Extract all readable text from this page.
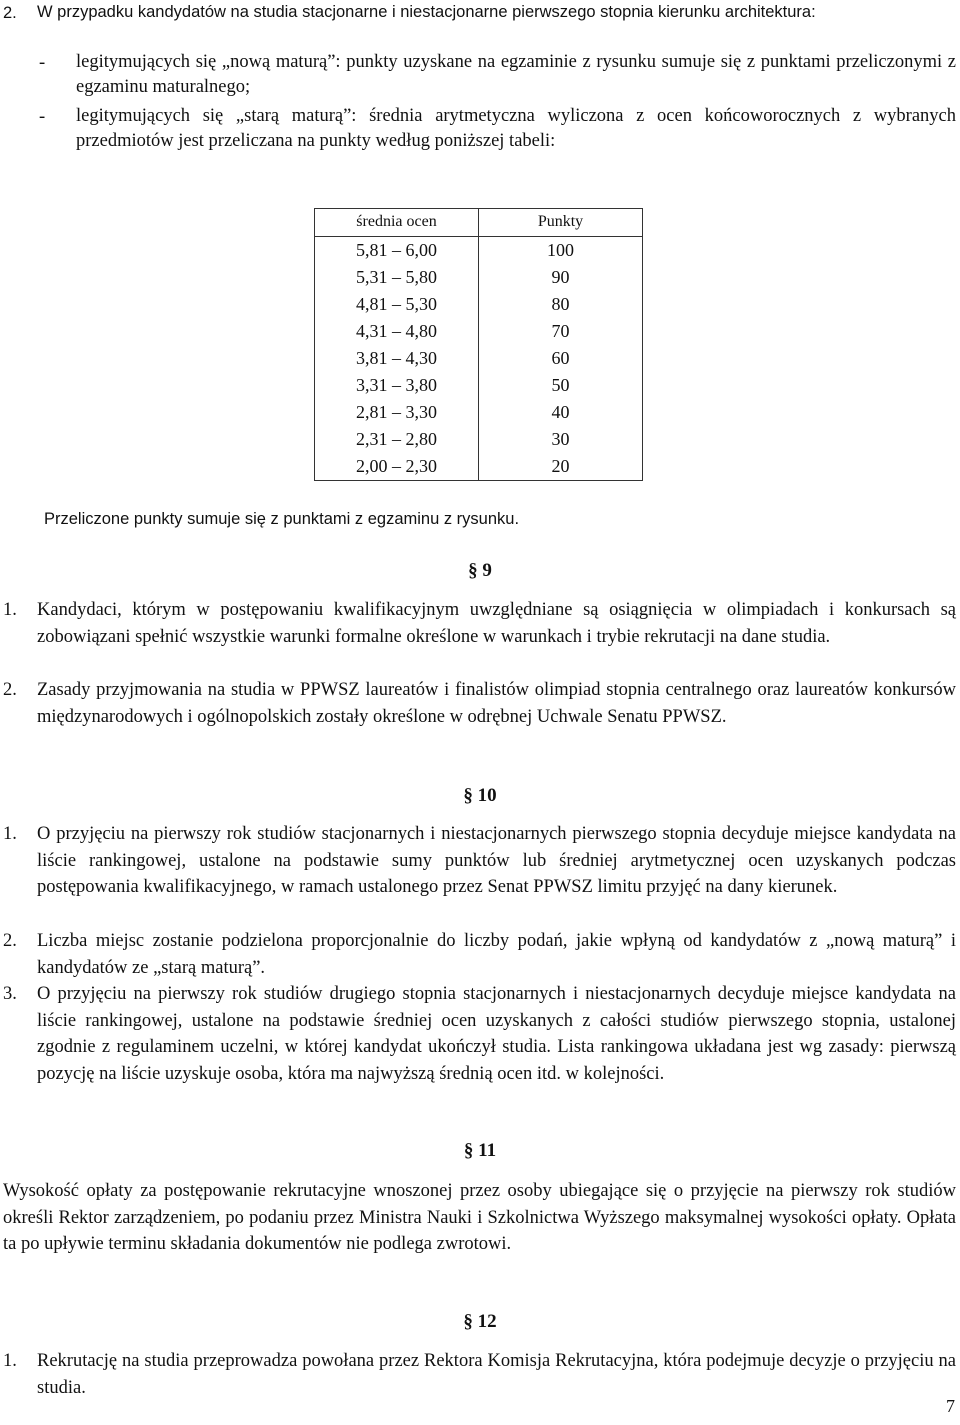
2. W przypadku kandydatów na studia stacjonarne i niestacjonarne pierwszego stopnia kierunku architektura:

- legitymujących się „nową maturą”: punkty uzyskane na egzaminie z rysunku sumuje się z punktami przeliczonymi z egzaminu maturalnego;

- legitymujących się „starą maturą”: średnia arytmetyczna wyliczona z ocen końcoworocznych z wybranych przedmiotów jest przeliczana na punkty według poniższej tabeli:

średnia ocen	Punkty
5,81 – 6,00	100
5,31 – 5,80	90
4,81 – 5,30	80
4,31 – 4,80	70
3,81 – 4,30	60
3,31 – 3,80	50
2,81 – 3,30	40
2,31 – 2,80	30
2,00 – 2,30	20

Przeliczone punkty sumuje się z punktami z egzaminu z rysunku.

§ 9
1. Kandydaci, którym w postępowaniu kwalifikacyjnym uwzględniane są osiągnięcia w olimpiadach i konkursach są zobowiązani spełnić wszystkie warunki formalne określone w warunkach i trybie rekrutacji na dane studia.

2. Zasady przyjmowania na studia w PPWSZ laureatów i finalistów olimpiad stopnia centralnego oraz laureatów konkursów międzynarodowych i ogólnopolskich zostały określone w odrębnej Uchwale Senatu PPWSZ.

§ 10
1. O przyjęciu na pierwszy rok studiów stacjonarnych i niestacjonarnych pierwszego stopnia decyduje miejsce kandydata na liście rankingowej, ustalone na podstawie sumy punktów lub średniej arytmetycznej ocen uzyskanych podczas postępowania kwalifikacyjnego, w ramach ustalonego przez Senat PPWSZ limitu przyjęć na dany kierunek.

2. Liczba miejsc zostanie podzielona proporcjonalnie do liczby podań, jakie wpłyną od kandydatów z „nową maturą” i kandydatów ze „starą maturą”.

3. O przyjęciu na pierwszy rok studiów drugiego stopnia stacjonarnych i niestacjonarnych decyduje miejsce kandydata na liście rankingowej, ustalone na podstawie średniej ocen uzyskanych z całości studiów pierwszego stopnia, ustalonej zgodnie z regulaminem uczelni, w której kandydat ukończył studia. Lista rankingowa układana jest wg zasady: pierwszą pozycję na liście uzyskuje osoba, która ma najwyższą średnią ocen itd. w kolejności.

§ 11

Wysokość opłaty za postępowanie rekrutacyjne wnoszonej przez osoby ubiegające się o przyjęcie na pierwszy rok studiów określi Rektor zarządzeniem, po podaniu przez Ministra Nauki i Szkolnictwa Wyższego maksymalnej wysokości opłaty. Opłata ta po upływie terminu składania dokumentów nie podlega zwrotowi.

§ 12
1. Rekrutację na studia przeprowadza powołana przez Rektora Komisja Rekrutacyjna, która podejmuje decyzje o przyjęciu na studia.

7
